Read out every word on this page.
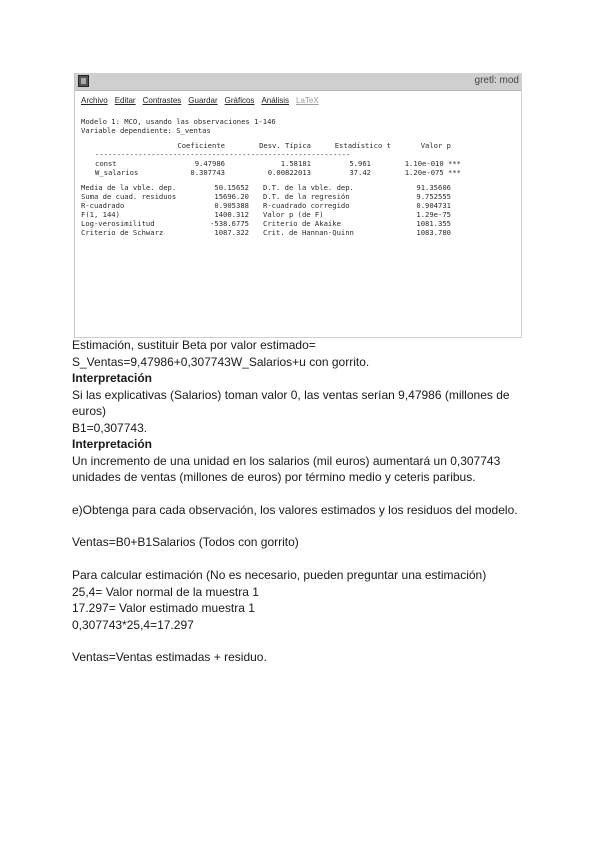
gretl: mod
Archivo Editar Contrastes Guardar Gráficos Análisis LaTeX
Modelo 1: MCO, usando las observaciones 1-146
Variable dependiente: S_ventas
Coeficiente	Desv. Típica	Estadístico t	Valor p
-----------------------------------------------------------
const	9.47986	1.58181	5.961	1.10e-010 ***
W_salarios	0.307743	0.00822013	37.42	1.20e-075 ***
Media de la vble. dep.	50.15652	D.T. de la vble. dep.	91.35606
Suma de cuad. residuos	15696.20	D.T. de la regresión	9.752555
R-cuadrado	0.905388	R-cuadrado corregido	0.904731
F(1, 144)	1400.312	Valor p (de F)	1.29e-75
Log-verosimilitud	-538.6775	Criterio de Akaike	1081.355
Criterio de Schwarz	1087.322	Crit. de Hannan-Quinn	1083.780

Estimación, sustituir Beta por valor estimado=

S_Ventas=9,47986+0,307743W_Salarios+u con gorrito.

Interpretación

Si las explicativas (Salarios) toman valor 0, las ventas serían 9,47986 (millones de euros)

B1=0,307743.

Interpretación

Un incremento de una unidad en los salarios (mil euros) aumentará un 0,307743 unidades de ventas (millones de euros) por término medio y ceteris paribus.

e)Obtenga para cada observación, los valores estimados y los residuos del modelo.

Ventas=B0+B1Salarios (Todos con gorrito)

Para calcular estimación (No es necesario, pueden preguntar una estimación)

25,4= Valor normal de la muestra 1

17.297= Valor estimado muestra 1

0,307743*25,4=17.297

Ventas=Ventas estimadas + residuo.
